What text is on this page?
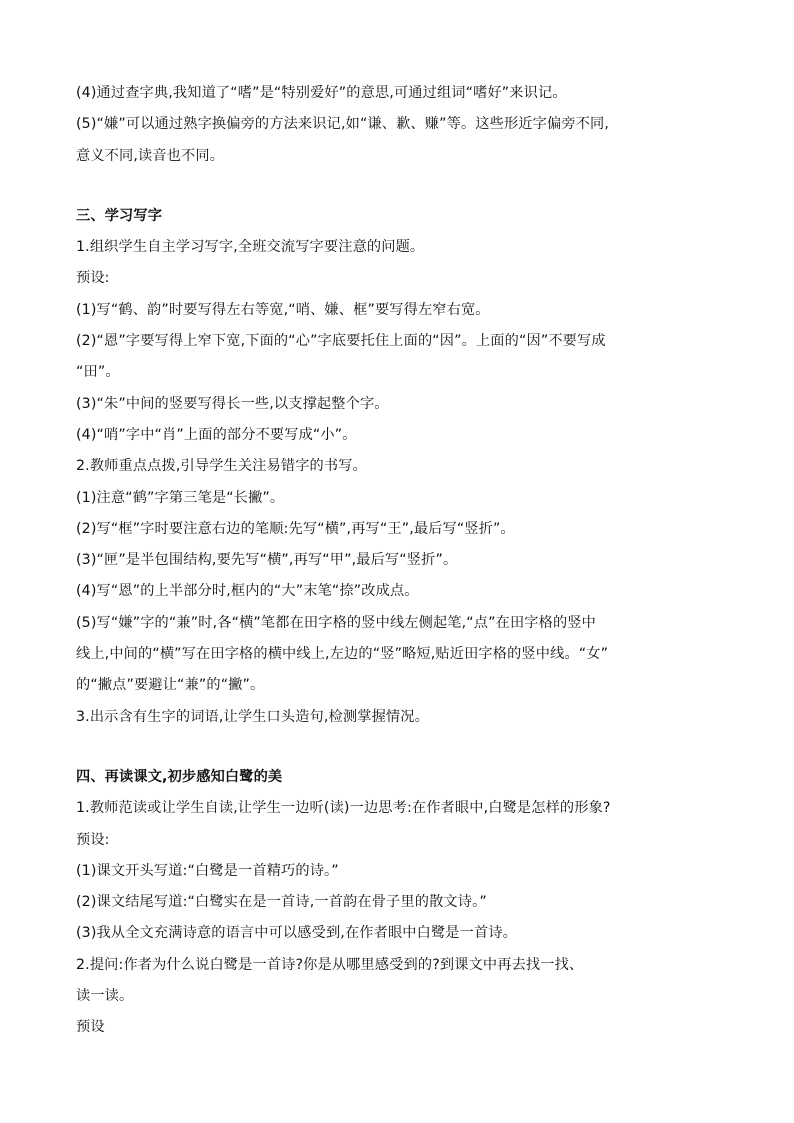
(4)通过查字典,我知道了“嗜”是“特别爱好”的意思,可通过组词“嗜好”来识记。
(5)“嫌”可以通过熟字换偏旁的方法来识记,如“谦、歉、赚”等。这些形近字偏旁不同,
意义不同,读音也不同。
三、学习写字
1.组织学生自主学习写字,全班交流写字要注意的问题。
预设:
(1)写“鹤、韵”时要写得左右等宽,“哨、嫌、框”要写得左窄右宽。
(2)“恩”字要写得上窄下宽,下面的“心”字底要托住上面的“因”。上面的“因”不要写成
“田”。
(3)“朱”中间的竖要写得长一些,以支撑起整个字。
(4)“哨”字中“肖”上面的部分不要写成“小”。
2.教师重点点拨,引导学生关注易错字的书写。
(1)注意“鹤”字第三笔是“长撇”。
(2)写“框”字时要注意右边的笔顺:先写“横”,再写“王”,最后写“竖折”。
(3)“匣”是半包围结构,要先写“横”,再写“甲”,最后写“竖折”。
(4)写“恩”的上半部分时,框内的“大”末笔“捺”改成点。
(5)写“嫌”字的“兼”时,各“横”笔都在田字格的竖中线左侧起笔,“点”在田字格的竖中
线上,中间的“横”写在田字格的横中线上,左边的“竖”略短,贴近田字格的竖中线。“女”
的“撇点”要避让“兼”的“撇”。
3.出示含有生字的词语,让学生口头造句,检测掌握情况。
四、再读课文,初步感知白鹭的美
1.教师范读或让学生自读,让学生一边听(读)一边思考:在作者眼中,白鹭是怎样的形象?
预设:
(1)课文开头写道:“白鹭是一首精巧的诗。”
(2)课文结尾写道:“白鹭实在是一首诗,一首韵在骨子里的散文诗。”
(3)我从全文充满诗意的语言中可以感受到,在作者眼中白鹭是一首诗。
2.提问:作者为什么说白鹭是一首诗?你是从哪里感受到的?到课文中再去找一找、
读一读。
预设
